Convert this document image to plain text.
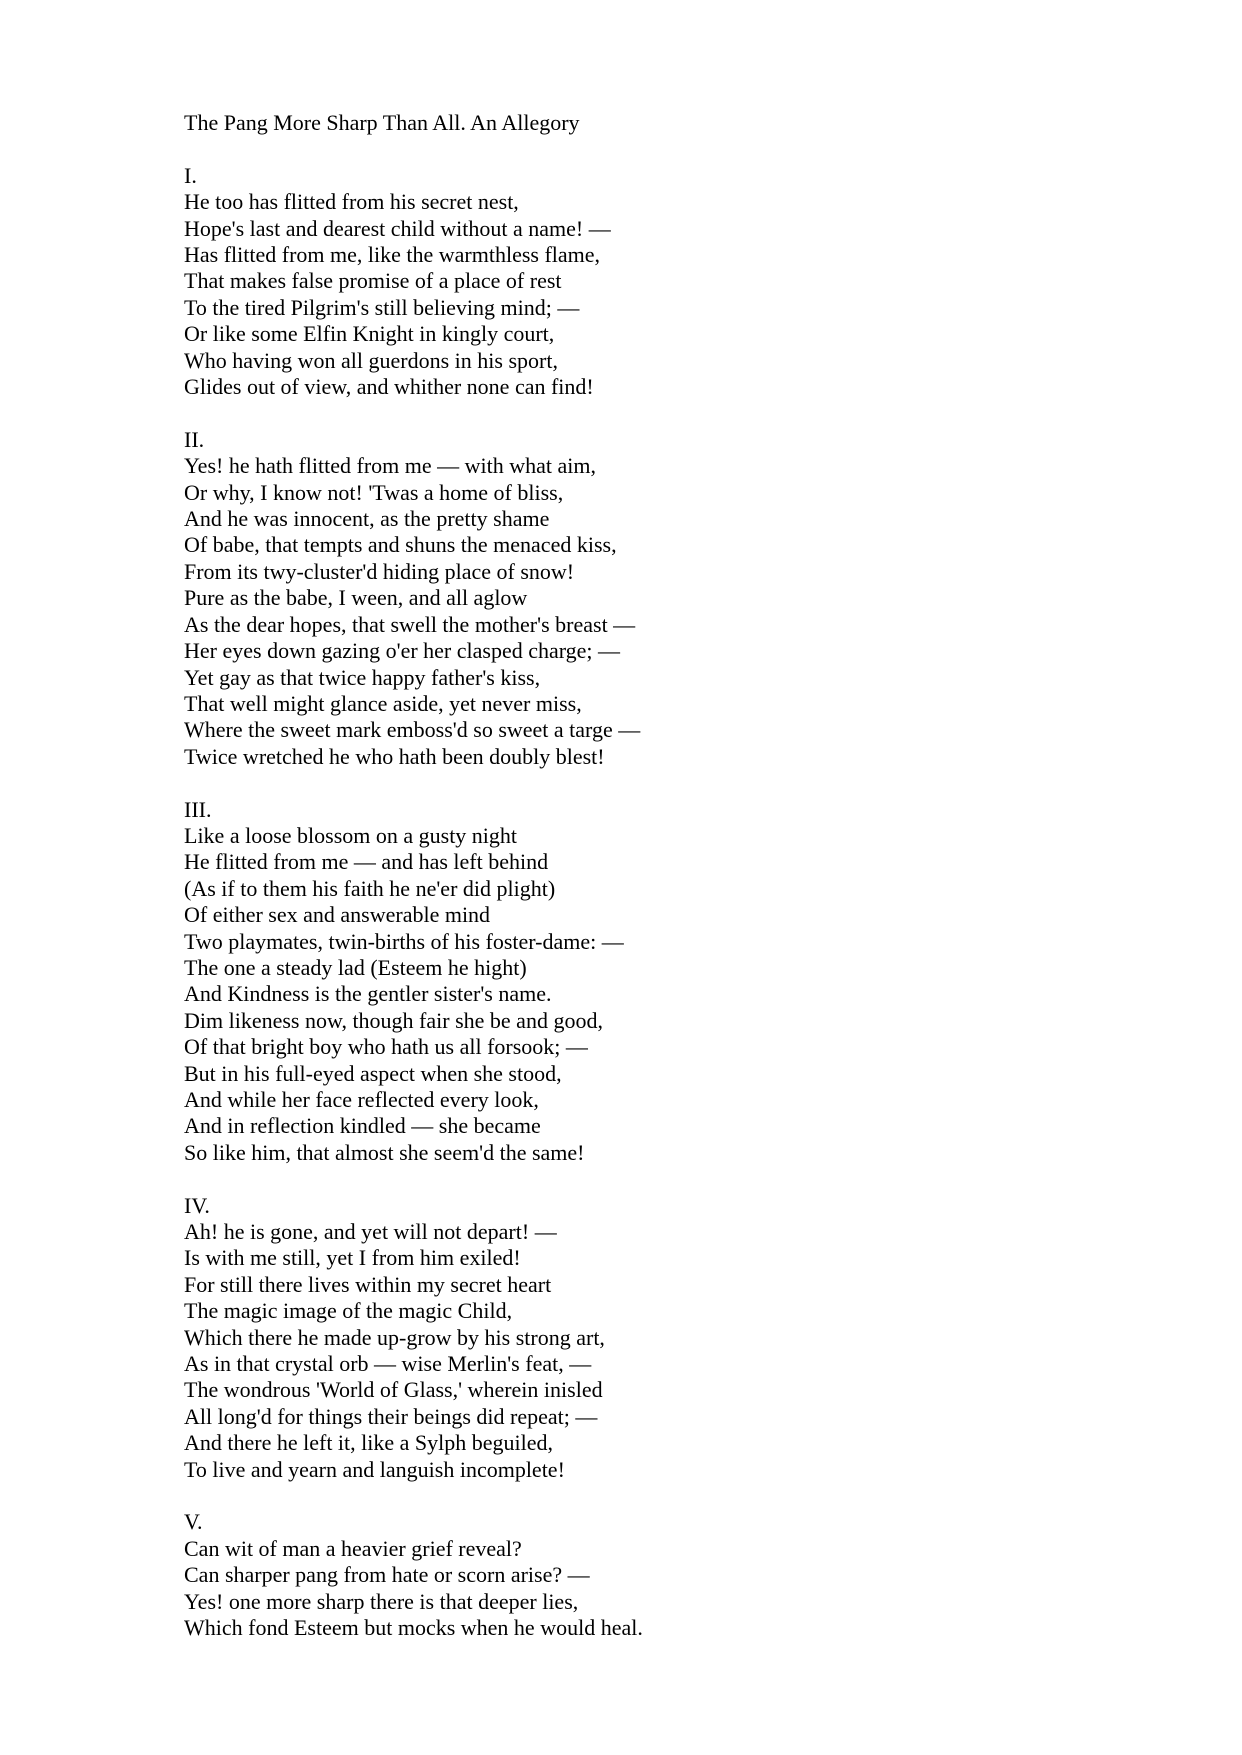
The Pang More Sharp Than All. An Allegory
I.
He too has flitted from his secret nest,
Hope's last and dearest child without a name! —
Has flitted from me, like the warmthless flame,
That makes false promise of a place of rest
To the tired Pilgrim's still believing mind; —
Or like some Elfin Knight in kingly court,
Who having won all guerdons in his sport,
Glides out of view, and whither none can find!
II.
Yes! he hath flitted from me — with what aim,
Or why, I know not! 'Twas a home of bliss,
And he was innocent, as the pretty shame
Of babe, that tempts and shuns the menaced kiss,
From its twy-cluster'd hiding place of snow!
Pure as the babe, I ween, and all aglow
As the dear hopes, that swell the mother's breast —
Her eyes down gazing o'er her clasped charge; —
Yet gay as that twice happy father's kiss,
That well might glance aside, yet never miss,
Where the sweet mark emboss'd so sweet a targe —
Twice wretched he who hath been doubly blest!
III.
Like a loose blossom on a gusty night
He flitted from me — and has left behind
(As if to them his faith he ne'er did plight)
Of either sex and answerable mind
Two playmates, twin-births of his foster-dame: —
The one a steady lad (Esteem he hight)
And Kindness is the gentler sister's name.
Dim likeness now, though fair she be and good,
Of that bright boy who hath us all forsook; —
But in his full-eyed aspect when she stood,
And while her face reflected every look,
And in reflection kindled — she became
So like him, that almost she seem'd the same!
IV.
Ah! he is gone, and yet will not depart! —
Is with me still, yet I from him exiled!
For still there lives within my secret heart
The magic image of the magic Child,
Which there he made up-grow by his strong art,
As in that crystal orb — wise Merlin's feat, —
The wondrous 'World of Glass,' wherein inisled
All long'd for things their beings did repeat; —
And there he left it, like a Sylph beguiled,
To live and yearn and languish incomplete!
V.
Can wit of man a heavier grief reveal?
Can sharper pang from hate or scorn arise? —
Yes! one more sharp there is that deeper lies,
Which fond Esteem but mocks when he would heal.
